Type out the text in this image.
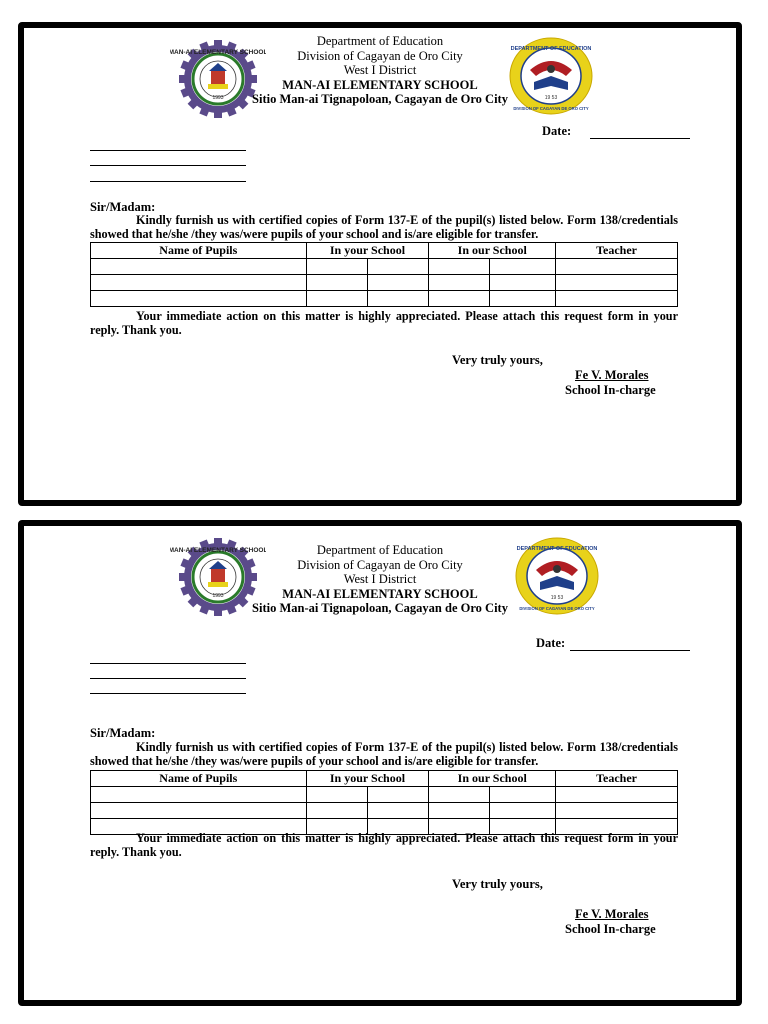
MAN-AI ELEMENTARY SCHOOL
1993
Department of Education
Division of Cagayan de Oro City
West I District
MAN-AI ELEMENTARY SCHOOL
Sitio Man-ai Tignapoloan, Cagayan de Oro City
DEPARTMENT OF EDUCATION
DIVISION OF CAGAYAN DE ORO CITY
19 53
Date:
Sir/Madam:
Kindly furnish us with certified copies of Form 137-E of the pupil(s) listed below. Form 138/credentials showed that he/she /they was/were pupils of your school and is/are eligible for transfer.
Name of Pupils	In your School		In our School		Teacher

Your immediate action on this matter is highly appreciated. Please attach this request form in your reply. Thank you.
Very truly yours,
Fe V. Morales
School In-charge
MAN-AI ELEMENTARY SCHOOL
1993
Department of Education
Division of Cagayan de Oro City
West I District
MAN-AI ELEMENTARY SCHOOL
Sitio Man-ai Tignapoloan, Cagayan de Oro City
DEPARTMENT OF EDUCATION
DIVISION OF CAGAYAN DE ORO CITY
19 53
Date:
Sir/Madam:
Kindly furnish us with certified copies of Form 137-E of the pupil(s) listed below. Form 138/credentials showed that he/she /they was/were pupils of your school and is/are eligible for transfer.
Name of Pupils	In your School		In our School		Teacher

Your immediate action on this matter is highly appreciated. Please attach this request form in your reply. Thank you.
Very truly yours,
Fe V. Morales
School In-charge
